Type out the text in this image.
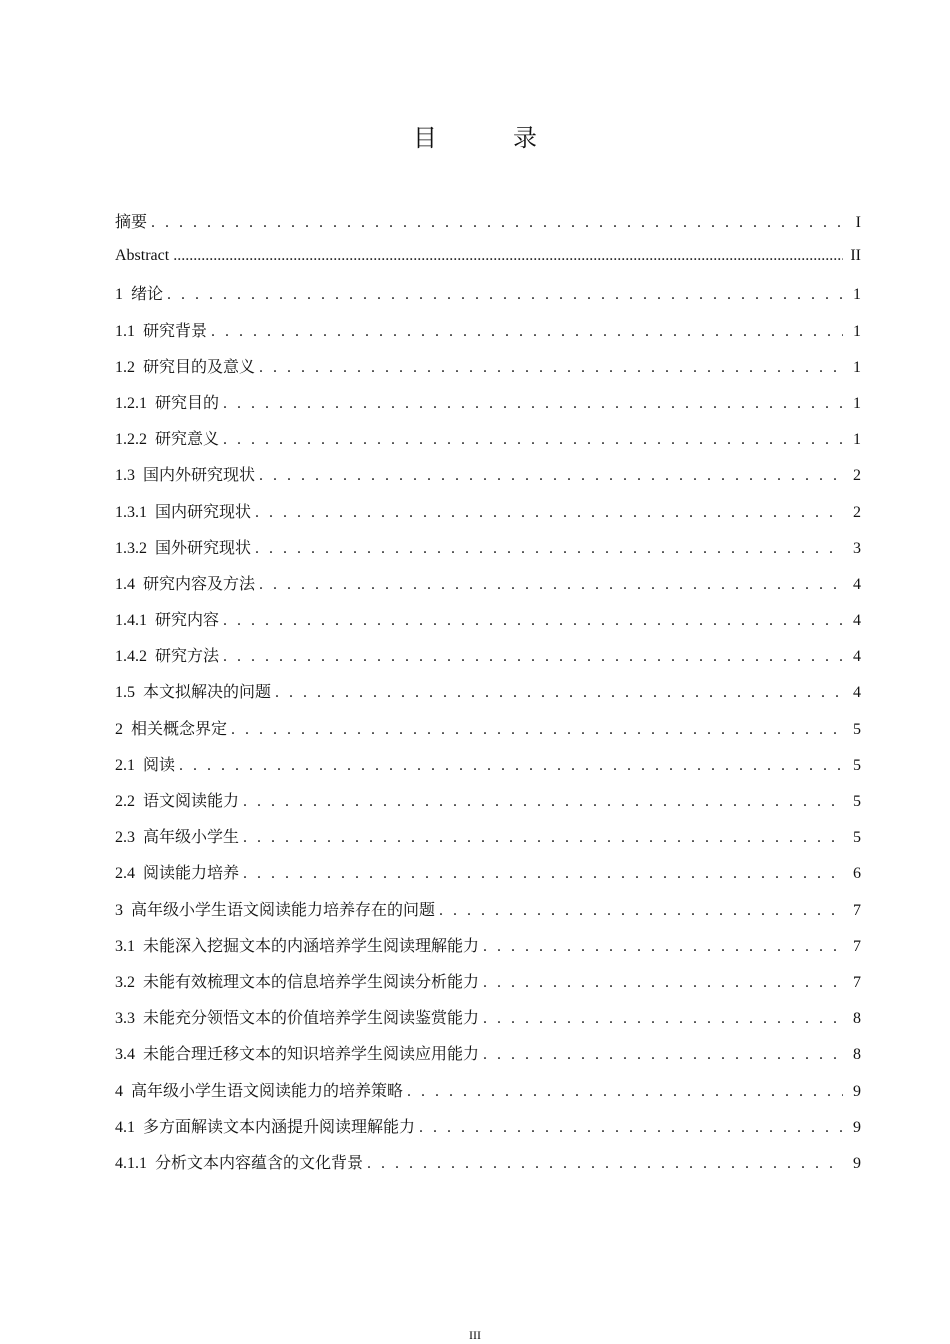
目　录
摘要 . . .	I
Abstract .....	II
1 绪论 . . .	1
1.1 研究背景 . . .	1
1.2 研究目的及意义 . . .	1
1.2.1 研究目的 . . .	1
1.2.2 研究意义 . . .	1
1.3 国内外研究现状 . . .	2
1.3.1 国内研究现状 . . .	2
1.3.2 国外研究现状 . . .	3
1.4 研究内容及方法 . . .	4
1.4.1 研究内容 . . .	4
1.4.2 研究方法 . . .	4
1.5 本文拟解决的问题 . . .	4
2 相关概念界定 . . .	5
2.1 阅读 . . .	5
2.2 语文阅读能力 . . .	5
2.3 高年级小学生 . . .	5
2.4 阅读能力培养 . . .	6
3 高年级小学生语文阅读能力培养存在的问题 . . .	7
3.1 未能深入挖掘文本的内涵培养学生阅读理解能力 . . .	7
3.2 未能有效梳理文本的信息培养学生阅读分析能力 . . .	7
3.3 未能充分领悟文本的价值培养学生阅读鉴赏能力 . . .	8
3.4 未能合理迁移文本的知识培养学生阅读应用能力 . . .	8
4 高年级小学生语文阅读能力的培养策略 . . .	9
4.1 多方面解读文本内涵提升阅读理解能力 . . .	9
4.1.1 分析文本内容蕴含的文化背景 . . .	9
III
